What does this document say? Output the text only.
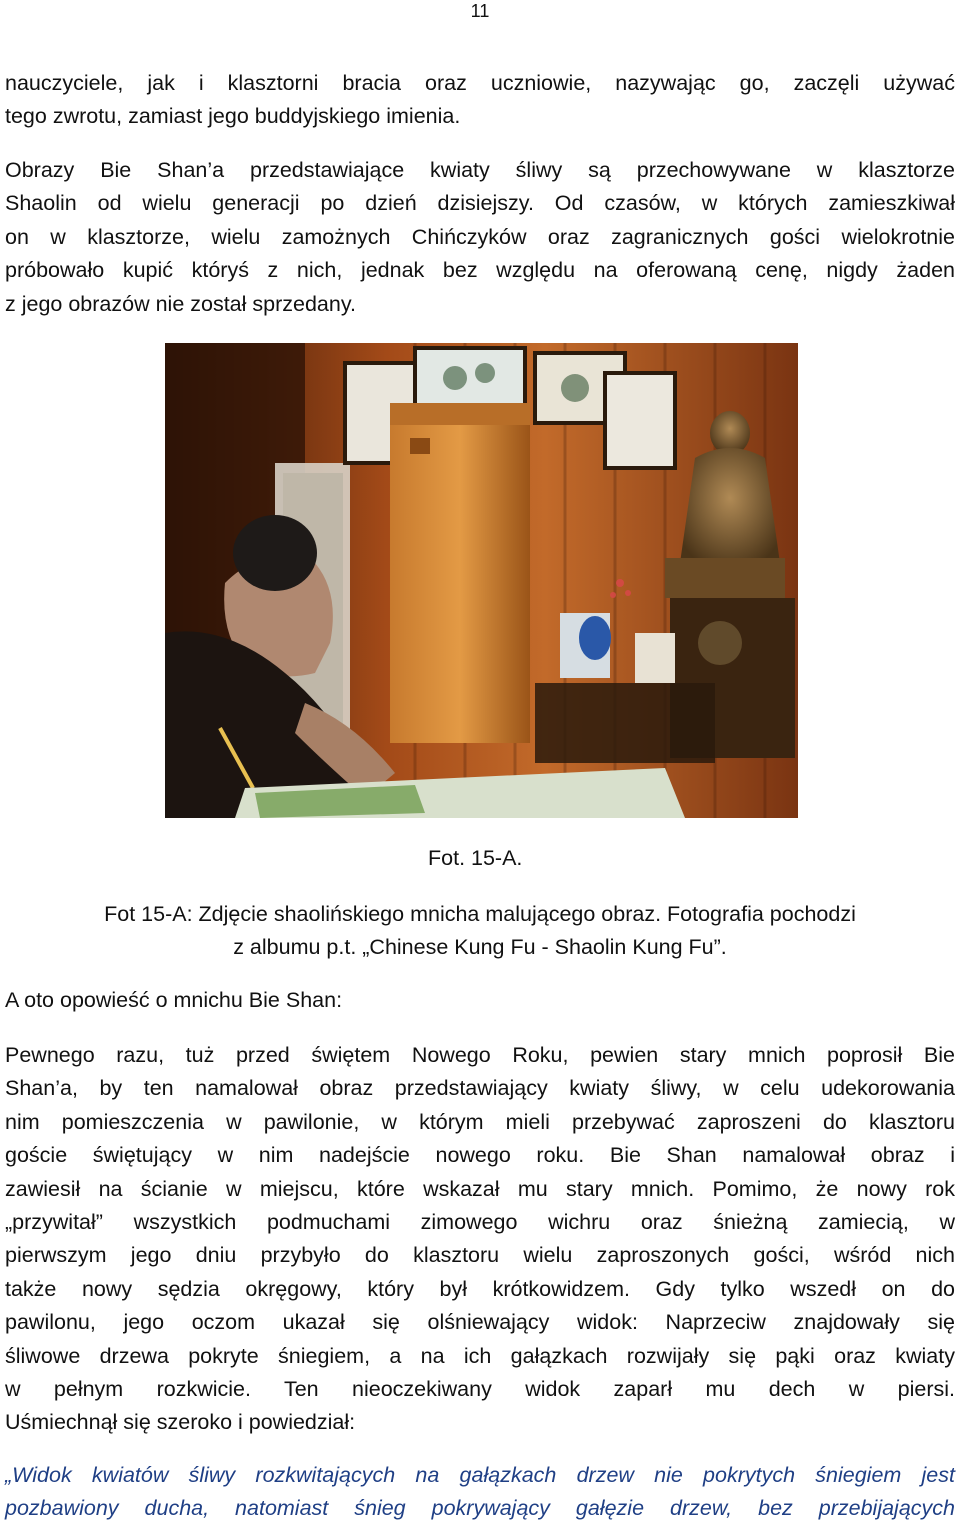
11

nauczyciele, jak i klasztorni bracia oraz uczniowie, nazywając go, zaczęli używać
tego zwrotu, zamiast jego buddyjskiego imienia.

Obrazy Bie Shan’a przedstawiające kwiaty śliwy są przechowywane w klasztorze
Shaolin od wielu generacji po dzień dzisiejszy. Od czasów, w których zamieszkiwał
on w klasztorze, wielu zamożnych Chińczyków oraz zagranicznych gości wielokrotnie
próbowało kupić któryś z nich, jednak bez względu na oferowaną cenę, nigdy żaden
z jego obrazów nie został sprzedany.

Fot. 15-A.
Fot 15-A: Zdjęcie shaolińskiego mnicha malującego obraz. Fotografia pochodzi
z albumu p.t. „Chinese Kung Fu - Shaolin Kung Fu”.
A oto opowieść o mnichu Bie Shan:

Pewnego razu, tuż przed świętem Nowego Roku, pewien stary mnich poprosił Bie
Shan’a, by ten namalował obraz przedstawiający kwiaty śliwy, w celu udekorowania
nim pomieszczenia w pawilonie, w którym mieli przebywać zaproszeni do klasztoru
goście świętujący w nim nadejście nowego roku. Bie Shan namalował obraz i
zawiesił na ścianie w miejscu, które wskazał mu stary mnich. Pomimo, że nowy rok
„przywitał” wszystkich podmuchami zimowego wichru oraz śnieżną zamiecią, w
pierwszym jego dniu przybyło do klasztoru wielu zaproszonych gości, wśród nich
także nowy sędzia okręgowy, który był krótkowidzem. Gdy tylko wszedł on do
pawilonu, jego oczom ukazał się olśniewający widok: Naprzeciw znajdowały się
śliwowe drzewa pokryte śniegiem, a na ich gałązkach rozwijały się pąki oraz kwiaty
w pełnym rozkwicie. Ten nieoczekiwany widok zaparł mu dech w piersi.
Uśmiechnął się szeroko i powiedział:

„Widok kwiatów śliwy rozkwitających na gałązkach drzew nie pokrytych śniegiem jest
pozbawiony ducha, natomiast śnieg pokrywający gałęzie drzew, bez przebijających
